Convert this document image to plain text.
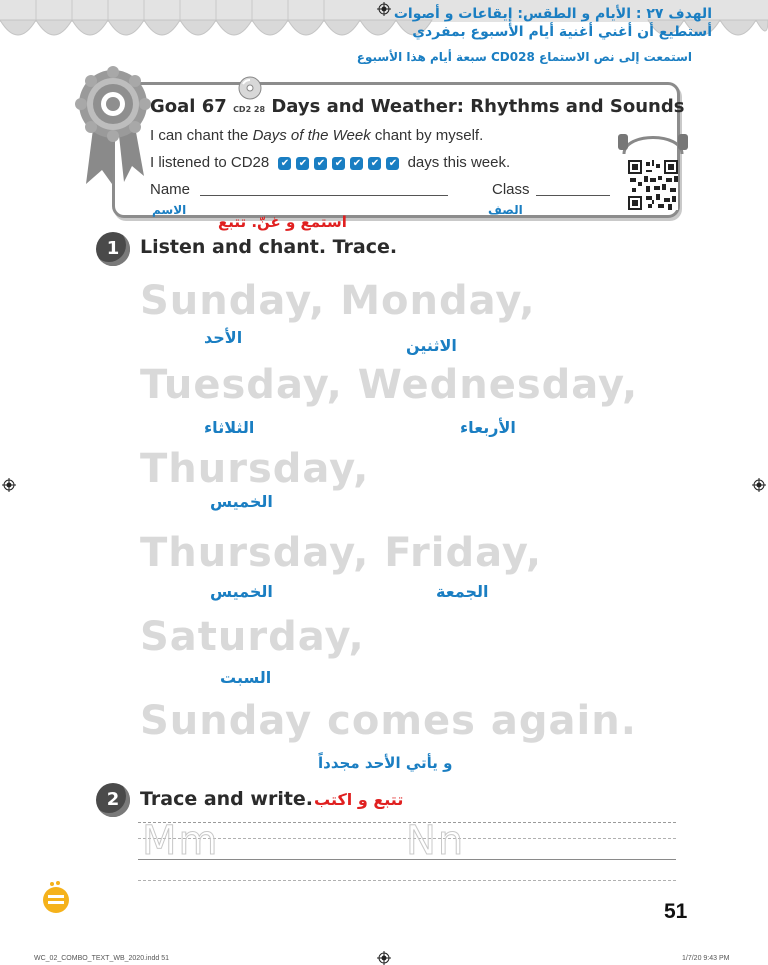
الهدف ٢٧ : الأيام و الطقس: إيقاعات و أصوات
أستطيع أن أغني أغنية أيام الأسبوع بمفردي
استمعت إلى نص الاستماع CD028 سبعة أيام هذا الأسبوع
Goal 67 CD2 28 Days and Weather: Rhythms and Sounds
I can chant the Days of the Week chant by myself.
I listened to CD28 ✔ ✔ ✔ ✔ ✔ ✔ ✔ days this week.
Name	Class
الاسم	الصف
استمع و غنّ. تتبع
1	Listen and chant. Trace.
Sunday, Monday,
Tuesday, Wednesday,
Thursday,
Thursday, Friday,
Saturday,
Sunday comes again.
الأحد	الاثنين
الثلاثاء	الأربعاء
الخميس
الخميس	الجمعة
السبت
و يأتي الأحد مجدداً
2	Trace and write. تتبع و اكتب
Mm	Nn
51
WC_02_COMBO_TEXT_WB_2020.indd 51	1/7/20 9:43 PM
